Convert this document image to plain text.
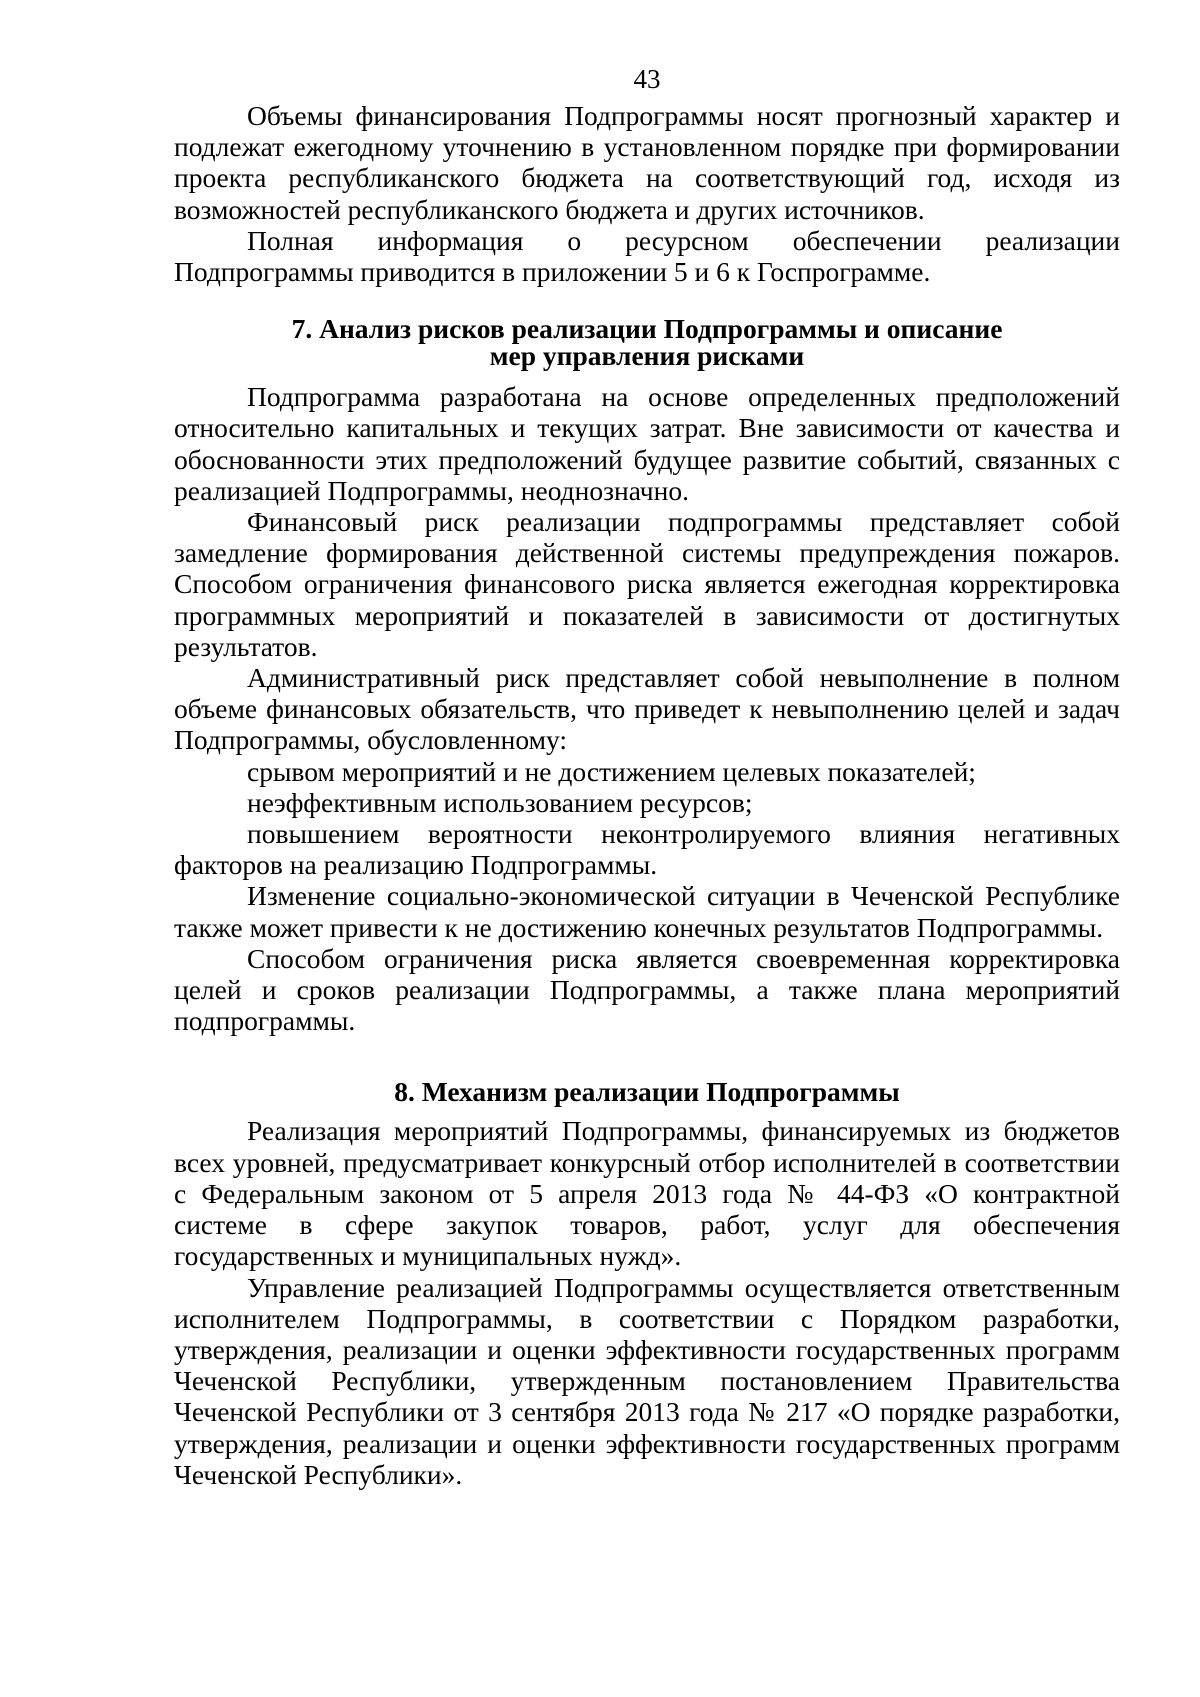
43

Объемы финансирования Подпрограммы носят прогнозный характер и подлежат ежегодному уточнению в установленном порядке при формировании проекта республиканского бюджета на соответствующий год, исходя из возможностей республиканского бюджета и других источников.

Полная информация о ресурсном обеспечении реализации Подпрограммы приводится в приложении 5 и 6 к Госпрограмме.

7. Анализ рисков реализации Подпрограммы и описание
мер управления рисками

Подпрограмма разработана на основе определенных предположений относительно капитальных и текущих затрат. Вне зависимости от качества и обоснованности этих предположений будущее развитие событий, связанных с реализацией Подпрограммы, неоднозначно.

Финансовый риск реализации подпрограммы представляет собой замедление формирования действенной системы предупреждения пожаров. Способом ограничения финансового риска является ежегодная корректировка программных мероприятий и показателей в зависимости от достигнутых результатов.

Административный риск представляет собой невыполнение в полном объеме финансовых обязательств, что приведет к невыполнению целей и задач Подпрограммы, обусловленному:

срывом мероприятий и не достижением целевых показателей;

неэффективным использованием ресурсов;

повышением вероятности неконтролируемого влияния негативных факторов на реализацию Подпрограммы.

Изменение социально-экономической ситуации в Чеченской Республике также может привести к не достижению конечных результатов Подпрограммы.

Способом ограничения риска является своевременная корректировка целей и сроков реализации Подпрограммы, а также плана мероприятий подпрограммы.

8. Механизм реализации Подпрограммы

Реализация мероприятий Подпрограммы, финансируемых из бюджетов всех уровней, предусматривает конкурсный отбор исполнителей в соответствии с Федеральным законом от 5 апреля 2013 года № 44-ФЗ «О контрактной системе в сфере закупок товаров, работ, услуг для обеспечения государственных и муниципальных нужд».

Управление реализацией Подпрограммы осуществляется ответственным исполнителем Подпрограммы, в соответствии с Порядком разработки, утверждения, реализации и оценки эффективности государственных программ Чеченской Республики, утвержденным постановлением Правительства Чеченской Республики от 3 сентября 2013 года № 217 «О порядке разработки, утверждения, реализации и оценки эффективности государственных программ Чеченской Республики».
